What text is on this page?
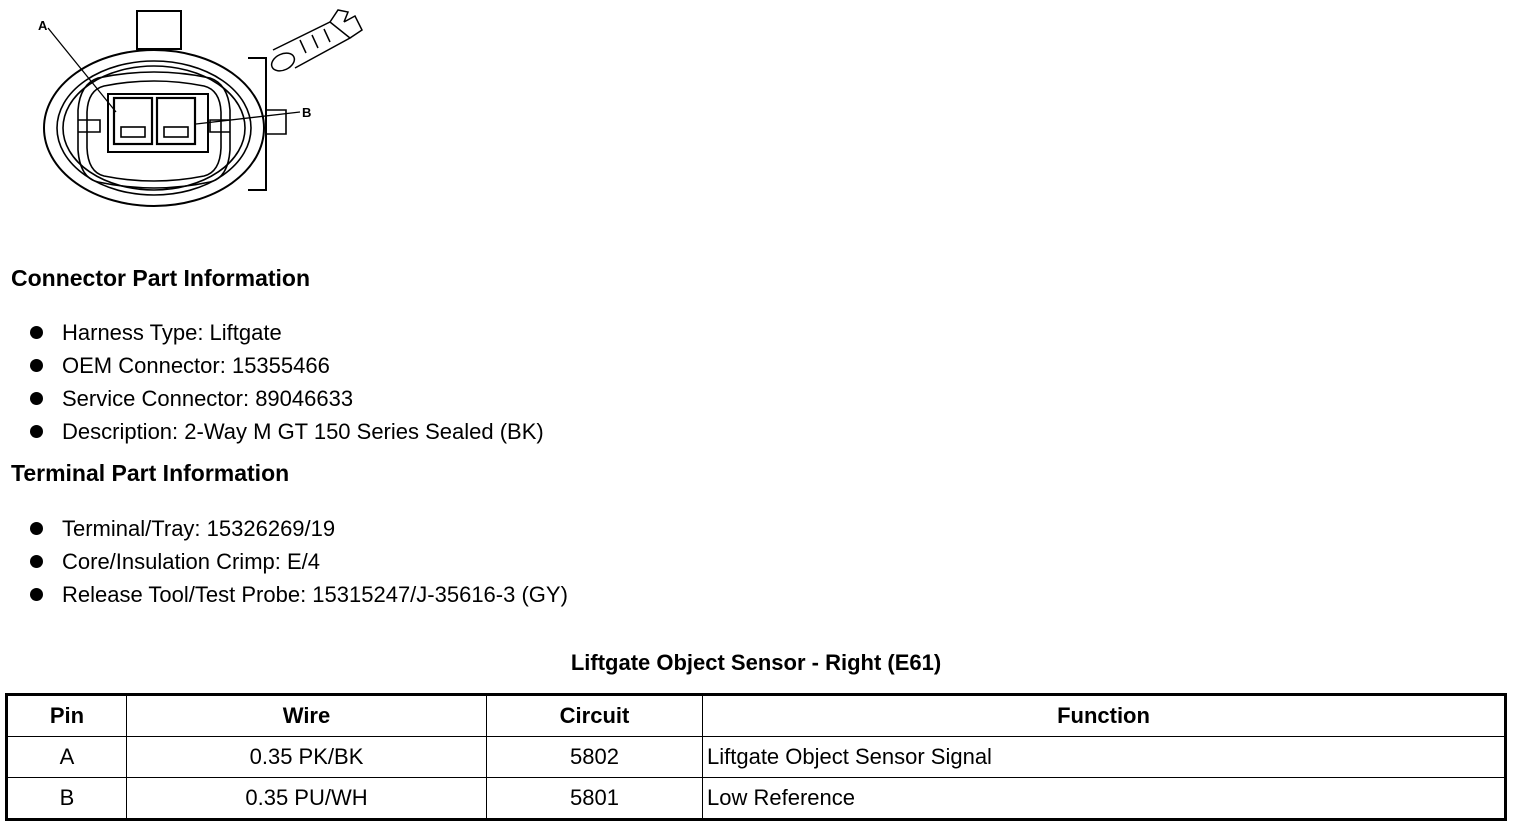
A
B
Connector Part Information
Harness Type: Liftgate
OEM Connector: 15355466
Service Connector: 89046633
Description: 2-Way M GT 150 Series Sealed (BK)
Terminal Part Information
Terminal/Tray: 15326269/19
Core/Insulation Crimp: E/4
Release Tool/Test Probe: 15315247/J-35616-3 (GY)
Liftgate Object Sensor - Right (E61)
Pin	Wire	Circuit	Function
A	0.35 PK/BK	5802	Liftgate Object Sensor Signal
B	0.35 PU/WH	5801	Low Reference
